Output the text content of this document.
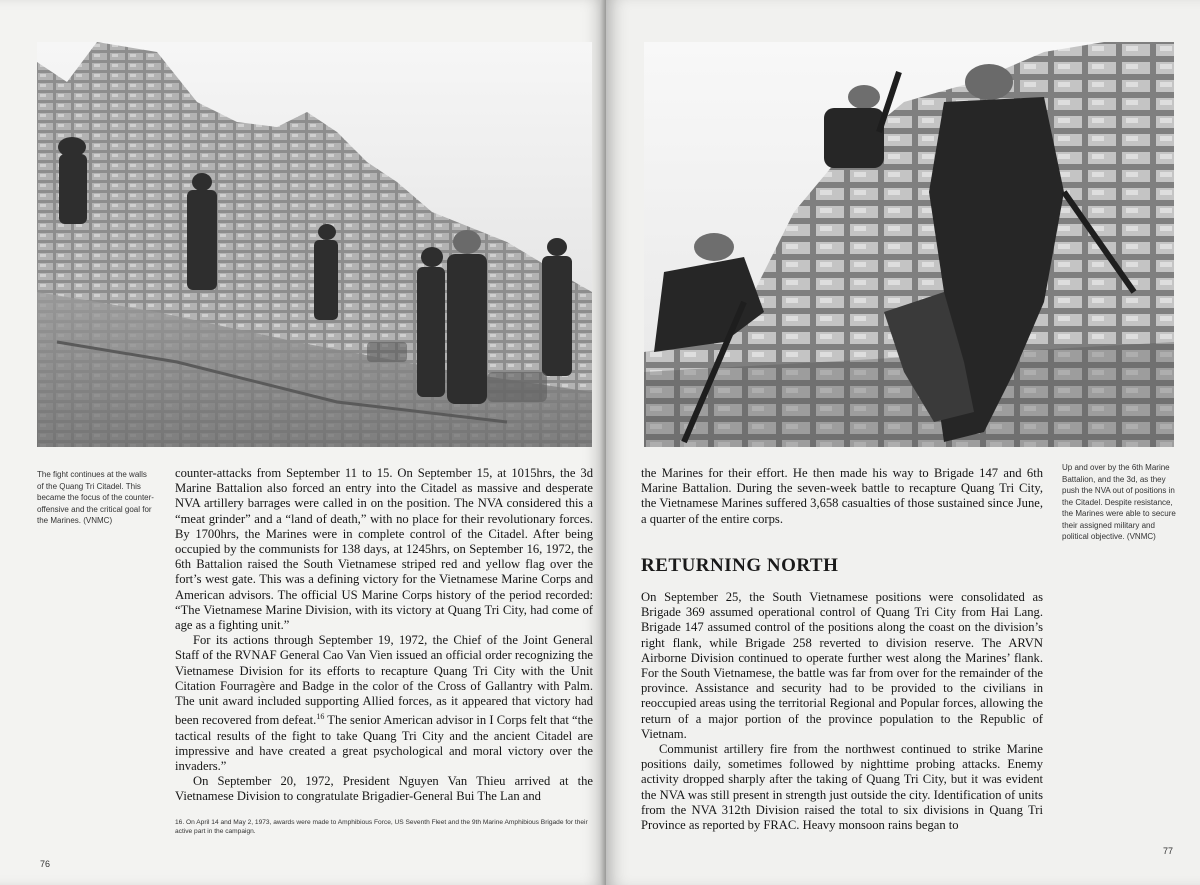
The fight continues at the walls of the Quang Tri Citadel. This became the focus of the counter-offensive and the critical goal for the Marines. (VNMC)

counter-attacks from September 11 to 15. On September 15, at 1015hrs, the 3d Marine Battalion also forced an entry into the Citadel as massive and desperate NVA artillery barrages were called in on the position. The NVA considered this a “meat grinder” and a “land of death,” with no place for their revolutionary forces. By 1700hrs, the Marines were in complete control of the Citadel. After being occupied by the communists for 138 days, at 1245hrs, on September 16, 1972, the 6th Battalion raised the South Vietnamese striped red and yellow flag over the fort’s west gate. This was a defining victory for the Vietnamese Marine Corps and American advisors. The official US Marine Corps history of the period recorded: “The Vietnamese Marine Division, with its victory at Quang Tri City, had come of age as a fighting unit.”

For its actions through September 19, 1972, the Chief of the Joint General Staff of the RVNAF General Cao Van Vien issued an official order recognizing the Vietnamese Division for its efforts to recapture Quang Tri City with the Unit Citation Fourragère and Badge in the color of the Cross of Gallantry with Palm. The unit award included supporting Allied forces, as it appeared that victory had been recovered from defeat.$^{16}$ The senior American advisor in I Corps felt that “the tactical results of the fight to take Quang Tri City and the ancient Citadel are impressive and have created a great psychological and moral victory over the invaders.”

On September 20, 1972, President Nguyen Van Thieu arrived at the Vietnamese Division to congratulate Brigadier-General Bui The Lan and

16. On April 14 and May 2, 1973, awards were made to Amphibious Force, US Seventh Fleet and the 9th Marine Amphibious Brigade for their active part in the campaign.
76

the Marines for their effort. He then made his way to Brigade 147 and 6th Marine Battalion. During the seven-week battle to recapture Quang Tri City, the Vietnamese Marines suffered 3,658 casualties of those sustained since June, a quarter of the entire corps.

RETURNING NORTH

On September 25, the South Vietnamese positions were consolidated as Brigade 369 assumed operational control of Quang Tri City from Hai Lang. Brigade 147 assumed control of the positions along the coast on the division’s right flank, while Brigade 258 reverted to division reserve. The ARVN Airborne Division continued to operate further west along the Marines’ flank. For the South Vietnamese, the battle was far from over for the remainder of the province. Assistance and security had to be provided to the civilians in reoccupied areas using the territorial Regional and Popular forces, allowing the return of a major portion of the province population to the Republic of Vietnam.

Communist artillery fire from the northwest continued to strike Marine positions daily, sometimes followed by nighttime probing attacks. Enemy activity dropped sharply after the taking of Quang Tri City, but it was evident the NVA was still present in strength just outside the city. Identification of units from the NVA 312th Division raised the total to six divisions in Quang Tri Province as reported by FRAC. Heavy monsoon rains began to

Up and over by the 6th Marine Battalion, and the 3d, as they push the NVA out of positions in the Citadel. Despite resistance, the Marines were able to secure their assigned military and political objective. (VNMC)
77
